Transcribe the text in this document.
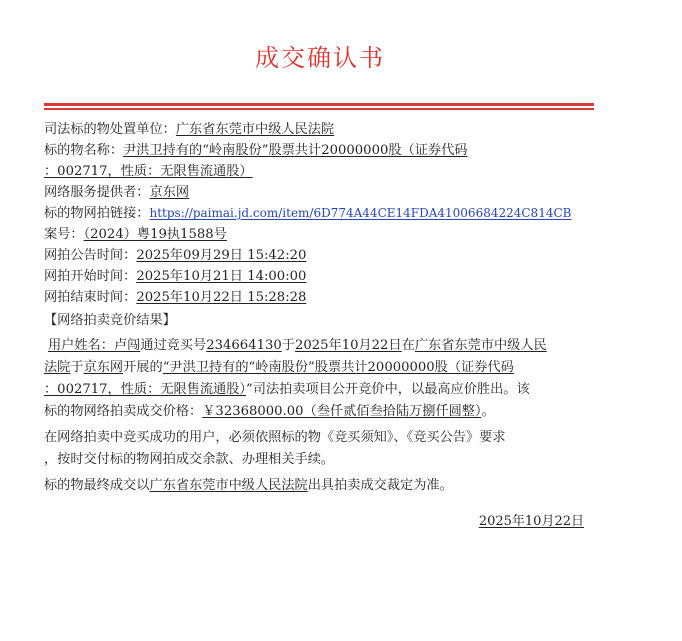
成交确认书
司法标的物处置单位：广东省东莞市中级人民法院
标的物名称：尹洪卫持有的“岭南股份”股票共计20000000股（证券代码
：002717，性质：无限售流通股）
网络服务提供者：京东网
标的物网拍链接：https://paimai.jd.com/item/6D774A44CE14FDA41006684224C814CB
案号：（2024）粤19执1588号
网拍公告时间：2025年09月29日 15:42:20
网拍开始时间：2025年10月21日 14:00:00
网拍结束时间：2025年10月22日 15:28:28
【网络拍卖竞价结果】
用户姓名：卢闯通过竞买号234664130于2025年10月22日在广东省东莞市中级人民
法院于京东网开展的“尹洪卫持有的“岭南股份”股票共计20000000股（证券代码
：002717，性质：无限售流通股）”司法拍卖项目公开竞价中，以最高应价胜出。该
标的物网络拍卖成交价格：￥32368000.00（叁仟贰佰叁拾陆万捌仟圆整）。
在网络拍卖中竞买成功的用户，必须依照标的物《竞买须知》、《竞买公告》要求
，按时交付标的物网拍成交余款、办理相关手续。
标的物最终成交以广东省东莞市中级人民法院出具拍卖成交裁定为准。
2025年10月22日
